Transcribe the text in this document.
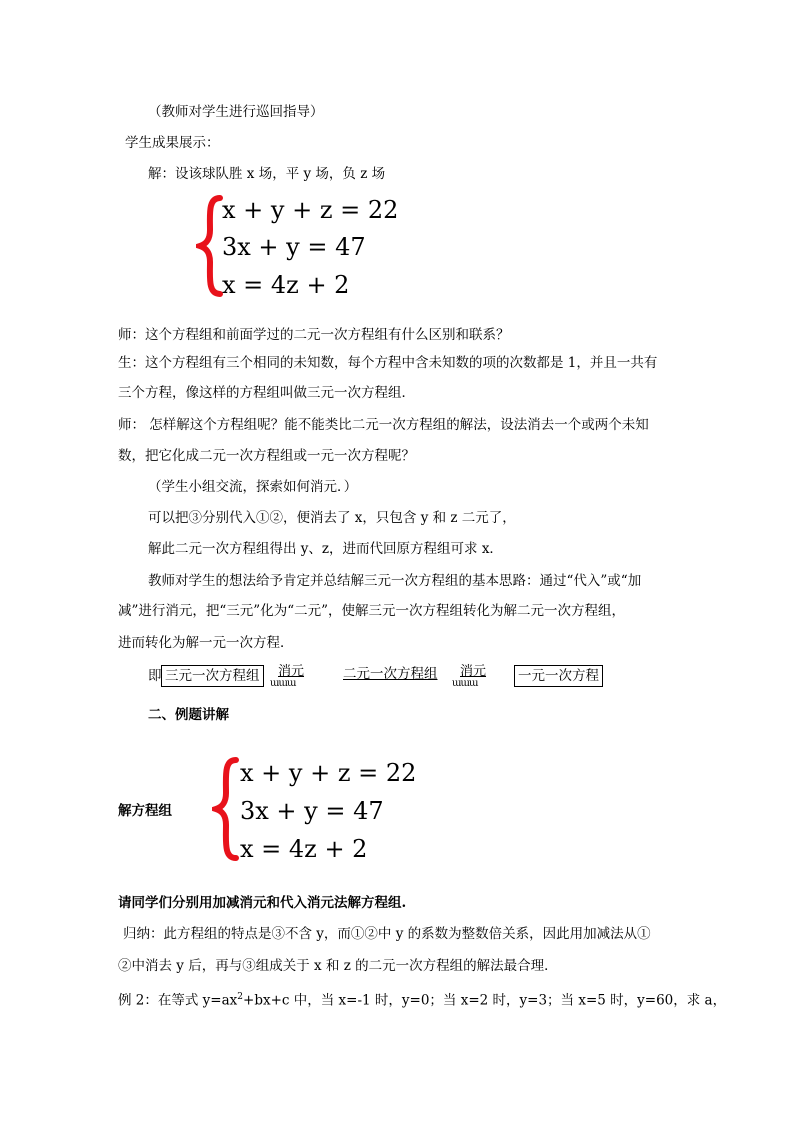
（教师对学生进行巡回指导）
学生成果展示：
解：设该球队胜 x 场，平 y 场，负 z 场
x + y + z = 22
3x + y = 47
x = 4z + 2
师：这个方程组和前面学过的二元一次方程组有什么区别和联系？
生：这个方程组有三个相同的未知数，每个方程中含未知数的项的次数都是 1，并且一共有
三个方程，像这样的方程组叫做三元一次方程组．
师： 怎样解这个方程组呢？能不能类比二元一次方程组的解法，设法消去一个或两个未知
数，把它化成二元一次方程组或一元一次方程呢？
（学生小组交流，探索如何消元．）
可以把③分别代入①②，便消去了 x，只包含 y 和 z 二元了，
解此二元一次方程组得出 y、z，进而代回原方程组可求 x．
教师对学生的想法给予肯定并总结解三元一次方程组的基本思路：通过“代入”或“加
减”进行消元，把“三元”化为“二元”，使解三元一次方程组转化为解二元一次方程组，
进而转化为解一元一次方程．
即 三元一次方程组	消元
ɯɯɯ
二元一次方程组 消元
ɯɯɯ	一元一次方程
二、例题讲解
解方程组
x + y + z = 22
3x + y = 47
x = 4z + 2
请同学们分别用加减消元和代入消元法解方程组.
归纳：此方程组的特点是③不含 y，而①②中 y 的系数为整数倍关系，因此用加减法从①
②中消去 y 后，再与③组成关于 x 和 z 的二元一次方程组的解法最合理．
例 2：在等式 $y=ax^2+bx+c$ 中，当 x=-1 时，y=0；当 x=2 时，y=3；当 x=5 时，y=60，求 a，
